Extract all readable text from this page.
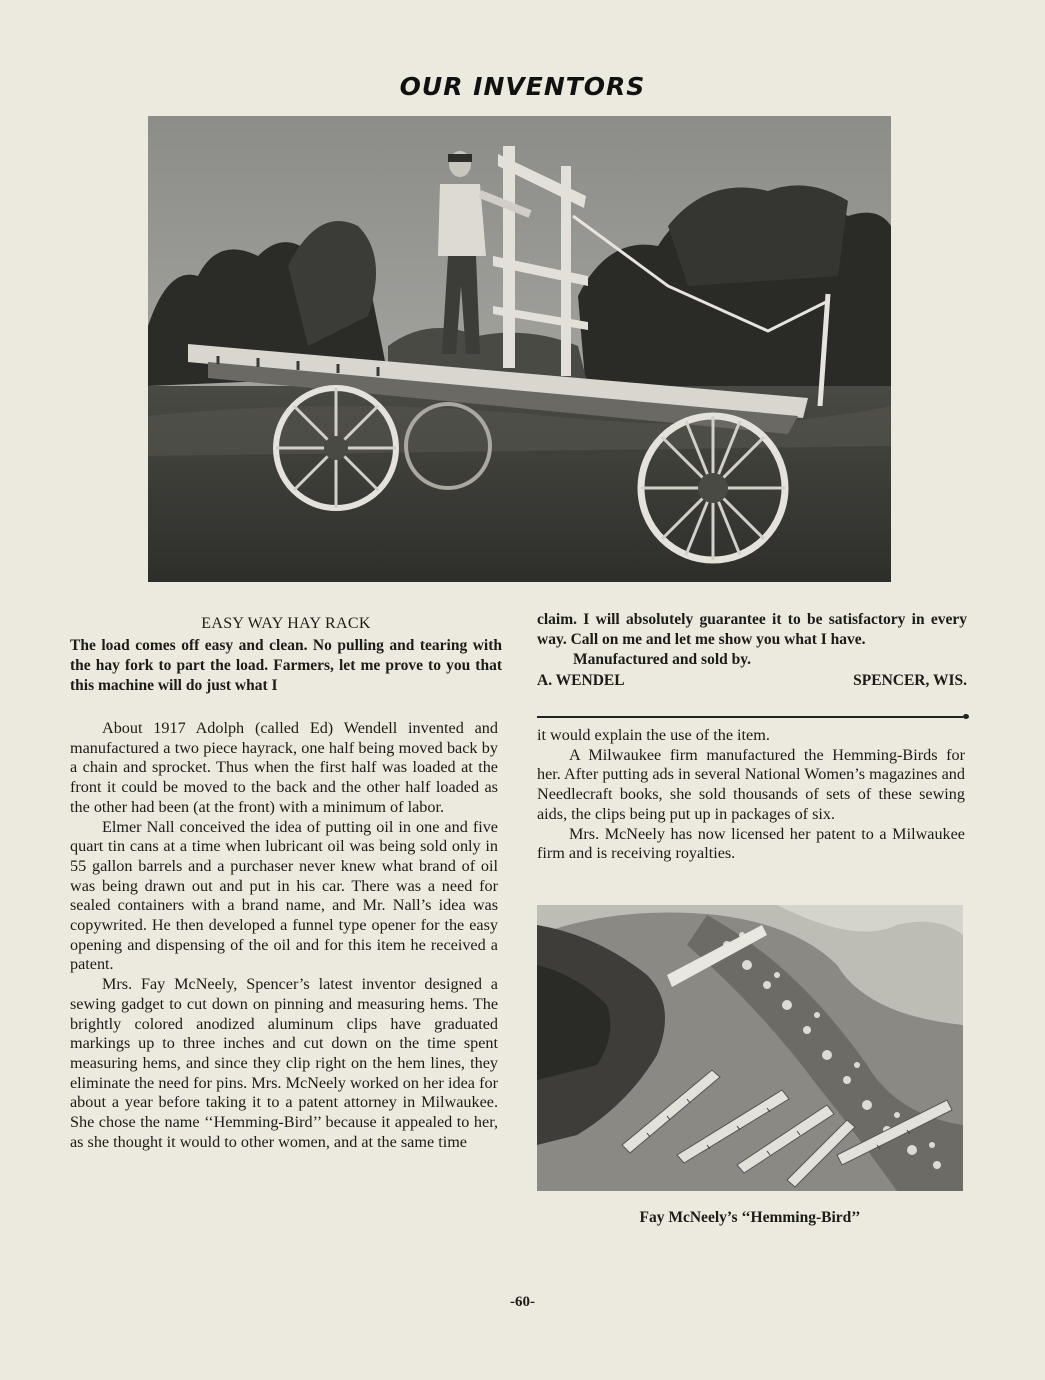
OUR INVENTORS
EASY WAY HAY RACK

The load comes off easy and clean. No pulling and tearing with the hay fork to part the load. Farmers, let me prove to you that this machine will do just what I

claim. I will absolutely guarantee it to be satisfactory in every way. Call on me and let me show you what I have.

Manufactured and sold by.

A. WENDEL	SPENCER, WIS.

About 1917 Adolph (called Ed) Wendell invented and manufactured a two piece hayrack, one half being moved back by a chain and sprocket. Thus when the first half was loaded at the front it could be moved to the back and the other half loaded as the other had been (at the front) with a minimum of labor.

Elmer Nall conceived the idea of putting oil in one and five quart tin cans at a time when lubricant oil was being sold only in 55 gallon barrels and a purchaser never knew what brand of oil was being drawn out and put in his car. There was a need for sealed containers with a brand name, and Mr. Nall’s idea was copywrited. He then developed a funnel type opener for the easy opening and dispensing of the oil and for this item he received a patent.

Mrs. Fay McNeely, Spencer’s latest inventor designed a sewing gadget to cut down on pinning and measuring hems. The brightly colored anodized aluminum clips have graduated markings up to three inches and cut down on the time spent measuring hems, and since they clip right on the hem lines, they eliminate the need for pins. Mrs. McNeely worked on her idea for about a year before taking it to a patent attorney in Milwaukee. She chose the name ‘‘Hemming-Bird’’ because it appealed to her, as she thought it would to other women, and at the same time

it would explain the use of the item.

A Milwaukee firm manufactured the Hemming-Birds for her. After putting ads in several National Women’s magazines and Needlecraft books, she sold thousands of sets of these sewing aids, the clips being put up in packages of six.

Mrs. McNeely has now licensed her patent to a Milwaukee firm and is receiving royalties.

Fay McNeely’s ‘‘Hemming-Bird’’

-60-
